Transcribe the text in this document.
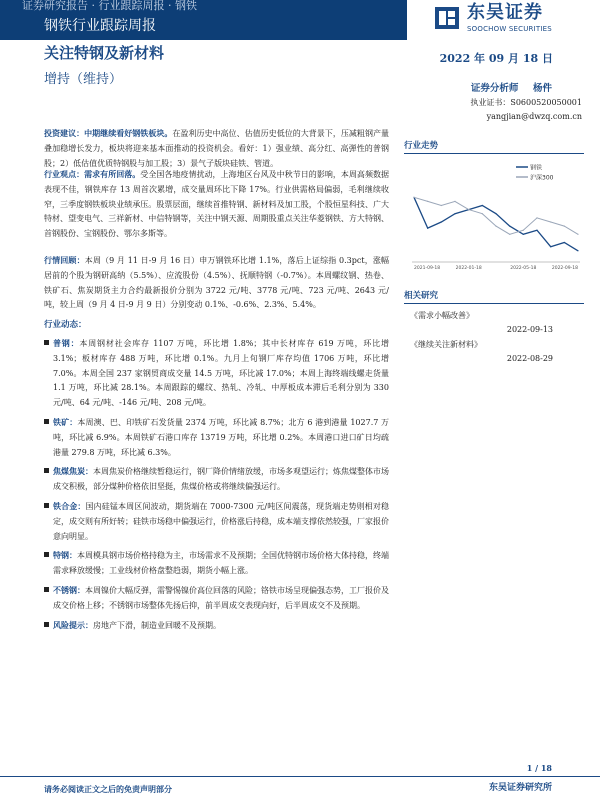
证券研究报告 · 行业跟踪周报 · 钢铁
钢铁行业跟踪周报
东吴证券
SOOCHOW SECURITIES
关注特钢及新材料
增持（维持）
2022 年 09 月 18 日
证券分析师 杨件
执业证书：S0600520050001
yangjian@dwzq.com.cn
投资建议：中期继续看好钢铁板块。在盈利历史中高位、估值历史低位的大背景下，压减粗钢产量叠加稳增长发力，板块将迎来基本面推动的投资机会。看好：1）强业绩、高分红、高弹性的普钢股；2）低估值优质特钢股与加工股；3）景气子版块硅铁、管道。
行业观点：需求有所回落。受全国各地疫情扰动，上海地区台风及中秋节日的影响，本周高频数据表现不佳，钢铁库存 13 周首次累增，成交量周环比下降 17%。行业供需格局偏弱，毛利继续收窄，三季度钢铁板块业绩承压。股票层面，继续首推特钢、新材料及加工股，个股恒星科技、广大特材、望变电气、三祥新材、中信特钢等，关注中钢天源、周期股重点关注华菱钢铁、方大特钢、首钢股份、宝钢股份、鄂尔多斯等。
行情回顾：本周（9 月 11 日-9 月 16 日）申万钢铁环比增 1.1%，落后上证综指 0.3pct，涨幅居前的个股为钢研高纳（5.5%）、应流股份（4.5%）、抚顺特钢（-0.7%）。本周螺纹钢、热卷、铁矿石、焦炭期货主力合约最新报价分别为 3722 元/吨、3778 元/吨、723 元/吨、2643 元/吨，较上周（9 月 4 日-9 月 9 日）分别变动 0.1%、-0.6%、2.3%、5.4%。
行业动态：
普钢：本周钢材社会库存 1107 万吨，环比增 1.8%；其中长材库存 619 万吨，环比增 3.1%；板材库存 488 万吨，环比增 0.1%。九月上旬钢厂库存均值 1706 万吨，环比增 7.0%。本周全国 237 家钢贸商成交量 14.5 万吨，环比减 17.0%；本周上海终端线螺走货量 1.1 万吨，环比减 28.1%。本周跟踪的螺纹、热轧、冷轧、中厚板成本滞后毛利分别为 330 元/吨、64 元/吨、-146 元/吨、208 元/吨。
铁矿：本周澳、巴、印铁矿石发货量 2374 万吨，环比减 8.7%；北方 6 港到港量 1027.7 万吨，环比减 6.9%。本周铁矿石港口库存 13719 万吨，环比增 0.2%。本周港口进口矿日均疏港量 279.8 万吨，环比减 6.3%。
焦煤焦炭：本周焦炭价格继续暂稳运行，钢厂降价情绪放缓，市场多观望运行；炼焦煤整体市场成交积极，部分煤种价格依旧坚挺，焦煤价格或将继续偏强运行。
铁合金：国内硅锰本周区间波动，期货端在 7000-7300 元/吨区间震荡，现货端走势则相对稳定，成交则有所好转；硅铁市场稳中偏强运行，价格涨后持稳，成本端支撑依然较强，厂家报价意向明显。
特钢：本周模具钢市场价格持稳为主，市场需求不及预期；全国优特钢市场价格大体持稳，终端需求释放缓慢；工业线材价格盘整趋弱，期货小幅上涨。
不锈钢：本周镍价大幅反弹，需警惕镍价高位回落的风险；铬铁市场呈现偏强态势，工厂报价及成交价格上移；不锈钢市场整体先扬后抑，前半周成交表现向好，后半周成交不及预期。
风险提示：房地产下滑，制造业回暖不及预期。
行业走势
钢铁
沪深300
2021-09-18	2022-01-18	2022-05-18	2022-09-18
相关研究
《需求小幅改善》
2022-09-13
《继续关注新材料》
2022-08-29
1 / 18
请务必阅读正文之后的免责声明部分	东吴证券研究所
